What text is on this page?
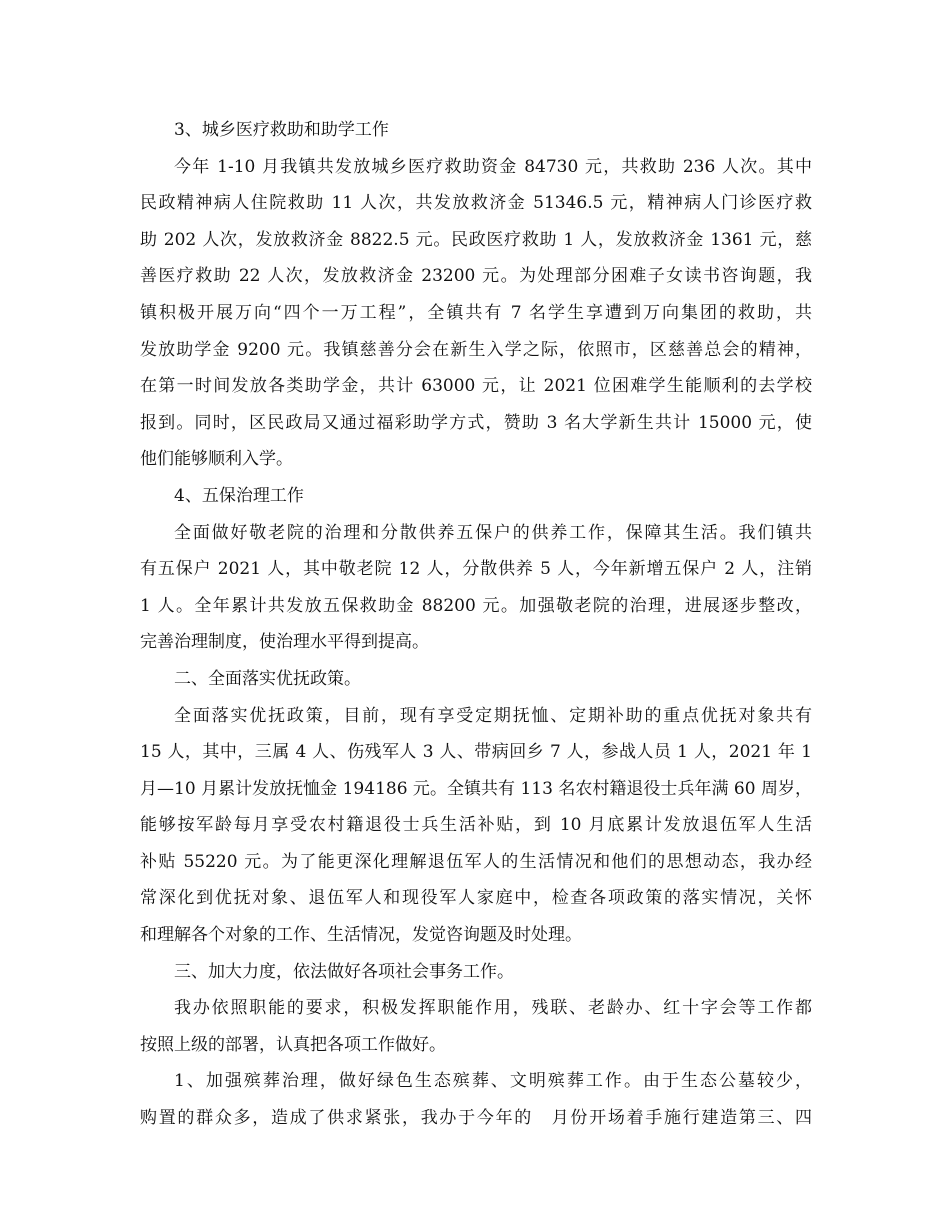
3、城乡医疗救助和助学工作
今年 1-10 月我镇共发放城乡医疗救助资金 84730 元，共救助 236 人次。其中
民政精神病人住院救助 11 人次，共发放救济金 51346.5 元，精神病人门诊医疗救
助 202 人次，发放救济金 8822.5 元。民政医疗救助 1 人，发放救济金 1361 元，慈
善医疗救助 22 人次，发放救济金 23200 元。为处理部分困难子女读书咨询题，我
镇积极开展万向“四个一万工程”，全镇共有 7 名学生享遭到万向集团的救助，共
发放助学金 9200 元。我镇慈善分会在新生入学之际，依照市，区慈善总会的精神，
在第一时间发放各类助学金，共计 63000 元，让 2021 位困难学生能顺利的去学校
报到。同时，区民政局又通过福彩助学方式，赞助 3 名大学新生共计 15000 元，使
他们能够顺利入学。
4、五保治理工作
全面做好敬老院的治理和分散供养五保户的供养工作，保障其生活。我们镇共
有五保户 2021 人，其中敬老院 12 人，分散供养 5 人，今年新增五保户 2 人，注销
1 人。全年累计共发放五保救助金 88200 元。加强敬老院的治理，进展逐步整改，
完善治理制度，使治理水平得到提高。
二、全面落实优抚政策。
全面落实优抚政策，目前，现有享受定期抚恤、定期补助的重点优抚对象共有
15 人，其中，三属 4 人、伤残军人 3 人、带病回乡 7 人，参战人员 1 人，2021 年 1
月—10 月累计发放抚恤金 194186 元。全镇共有 113 名农村籍退役士兵年满 60 周岁，
能够按军龄每月享受农村籍退役士兵生活补贴，到 10 月底累计发放退伍军人生活
补贴 55220 元。为了能更深化理解退伍军人的生活情况和他们的思想动态，我办经
常深化到优抚对象、退伍军人和现役军人家庭中，检查各项政策的落实情况，关怀
和理解各个对象的工作、生活情况，发觉咨询题及时处理。
三、加大力度，依法做好各项社会事务工作。
我办依照职能的要求，积极发挥职能作用，残联、老龄办、红十字会等工作都
按照上级的部署，认真把各项工作做好。
1、加强殡葬治理，做好绿色生态殡葬、文明殡葬工作。由于生态公墓较少，
购置的群众多，造成了供求紧张，我办于今年的　月份开场着手施行建造第三、四
